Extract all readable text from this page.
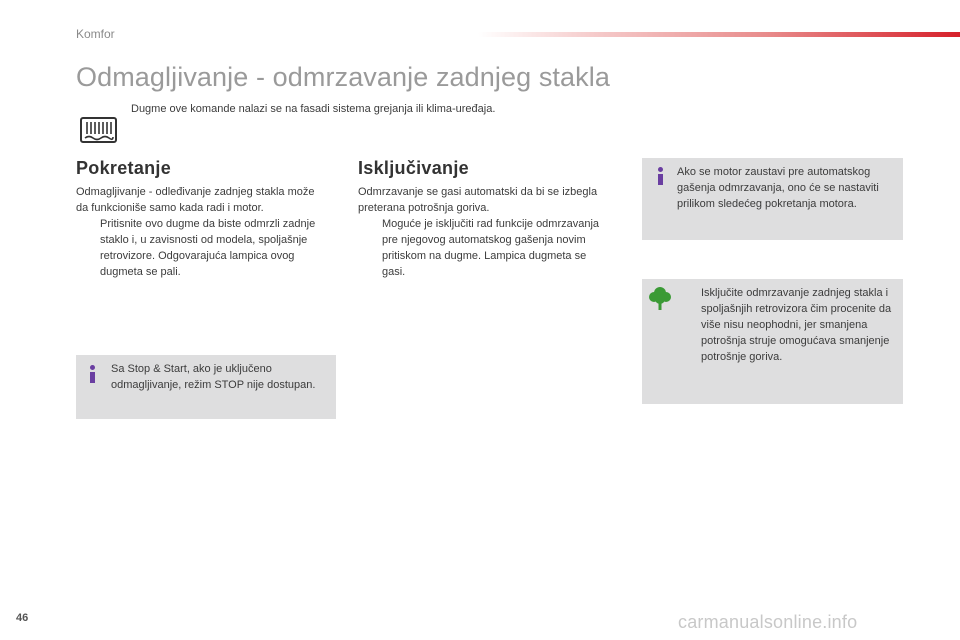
Komfor
Odmagljivanje - odmrzavanje zadnjeg stakla
Dugme ove komande nalazi se na fasadi sistema grejanja ili klima-uređaja.
Pokretanje
Odmagljivanje - odleđivanje zadnjeg stakla može da funkcioniše samo kada radi i motor.
Pritisnite ovo dugme da biste odmrzli zadnje staklo i, u zavisnosti od modela, spoljašnje retrovizore. Odgovarajuća lampica ovog dugmeta se pali.
Sa Stop & Start, ako je uključeno odmagljivanje, režim STOP nije dostupan.
Isključivanje
Odmrzavanje se gasi automatski da bi se izbegla preterana potrošnja goriva.
Moguće je isključiti rad funkcije odmrzavanja pre njegovog automatskog gašenja novim pritiskom na dugme. Lampica dugmeta se gasi.
Ako se motor zaustavi pre automatskog gašenja odmrzavanja, ono će se nastaviti prilikom sledećeg pokretanja motora.
Isključite odmrzavanje zadnjeg stakla i spoljašnjih retrovizora čim procenite da više nisu neophodni, jer smanjena potrošnja struje omogućava smanjenje potrošnje goriva.
46	carmanualsonline.info
